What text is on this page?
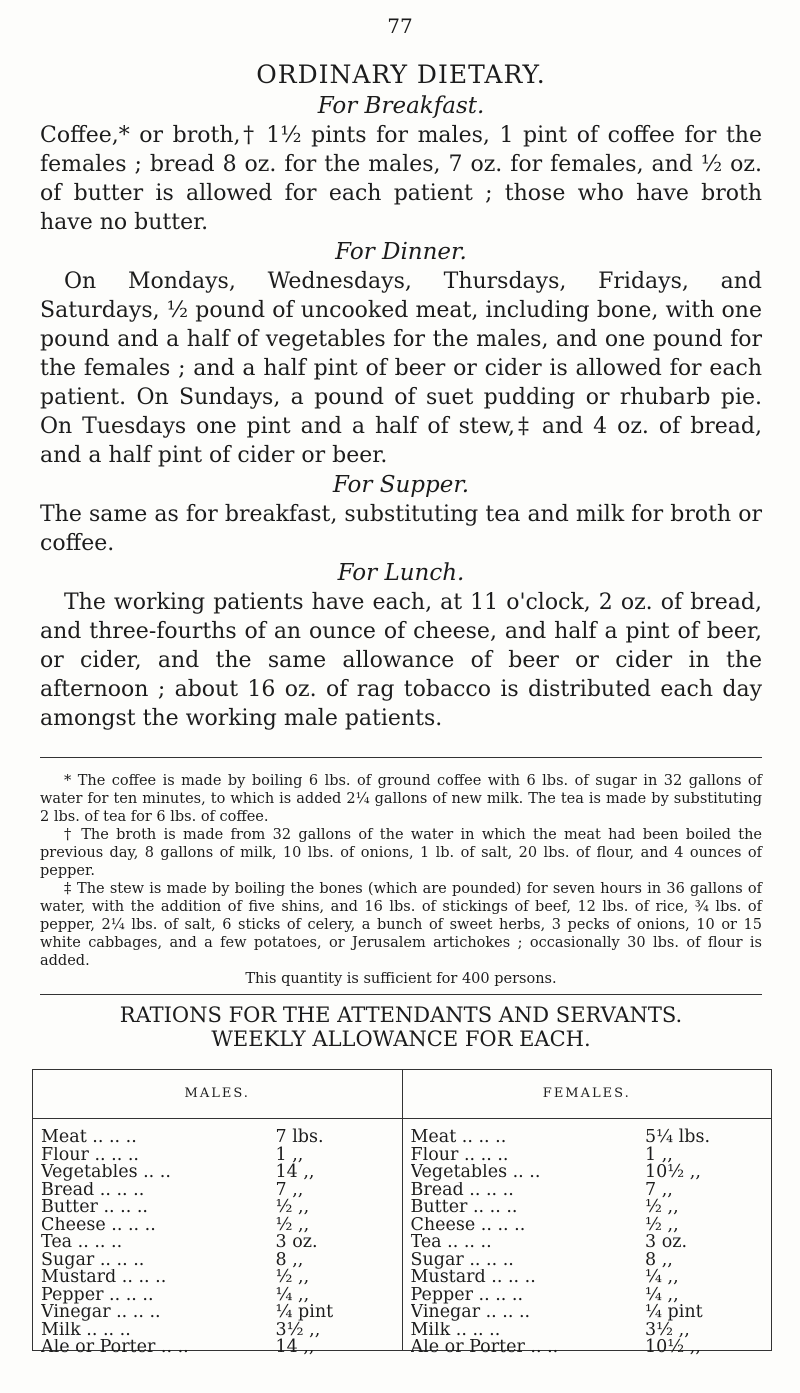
77
ORDINARY DIETARY.
For Breakfast.

Coffee,* or broth,† 1½ pints for males, 1 pint of coffee for the females ; bread 8 oz. for the males, 7 oz. for females, and ½ oz. of butter is allowed for each patient ; those who have broth have no butter.

For Dinner.

On Mondays, Wednesdays, Thursdays, Fridays, and Saturdays, ½ pound of uncooked meat, including bone, with one pound and a half of vegetables for the males, and one pound for the females ; and a half pint of beer or cider is allowed for each patient. On Sundays, a pound of suet pudding or rhubarb pie. On Tuesdays one pint and a half of stew,‡ and 4 oz. of bread, and a half pint of cider or beer.

For Supper.

The same as for breakfast, substituting tea and milk for broth or coffee.

For Lunch.

The working patients have each, at 11 o'clock, 2 oz. of bread, and three-fourths of an ounce of cheese, and half a pint of beer, or cider, and the same allowance of beer or cider in the afternoon ; about 16 oz. of rag tobacco is distributed each day amongst the working male patients.

* The coffee is made by boiling 6 lbs. of ground coffee with 6 lbs. of sugar in 32 gallons of water for ten minutes, to which is added 2¼ gallons of new milk. The tea is made by substituting 2 lbs. of tea for 6 lbs. of coffee.

† The broth is made from 32 gallons of the water in which the meat had been boiled the previous day, 8 gallons of milk, 10 lbs. of onions, 1 lb. of salt, 20 lbs. of flour, and 4 ounces of pepper.

‡ The stew is made by boiling the bones (which are pounded) for seven hours in 36 gallons of water, with the addition of five shins, and 16 lbs. of stickings of beef, 12 lbs. of rice, ¾ lbs. of pepper, 2¼ lbs. of salt, 6 sticks of celery, a bunch of sweet herbs, 3 pecks of onions, 10 or 15 white cabbages, and a few potatoes, or Jerusalem artichokes ; occasionally 30 lbs. of flour is added.

This quantity is sufficient for 400 persons.

RATIONS FOR THE ATTENDANTS AND SERVANTS.
WEEKLY ALLOWANCE FOR EACH.
MALES.
Meat .. .. ..	7 lbs.
Flour .. .. ..	1 ,,
Vegetables .. ..	14 ,,
Bread .. .. ..	7 ,,
Butter .. .. ..	½ ,,
Cheese .. .. ..	½ ,,
Tea .. .. ..	3 oz.
Sugar .. .. ..	8 ,,
Mustard .. .. ..	½ ,,
Pepper .. .. ..	¼ ,,
Vinegar .. .. ..	¼ pint
Milk .. .. ..	3½ ,,
Ale or Porter .. ..	14 ,,
FEMALES.
Meat .. .. ..	5¼ lbs.
Flour .. .. ..	1 ,,
Vegetables .. ..	10½ ,,
Bread .. .. ..	7 ,,
Butter .. .. ..	½ ,,
Cheese .. .. ..	½ ,,
Tea .. .. ..	3 oz.
Sugar .. .. ..	8 ,,
Mustard .. .. ..	¼ ,,
Pepper .. .. ..	¼ ,,
Vinegar .. .. ..	¼ pint
Milk .. .. ..	3½ ,,
Ale or Porter .. ..	10½ ,,
